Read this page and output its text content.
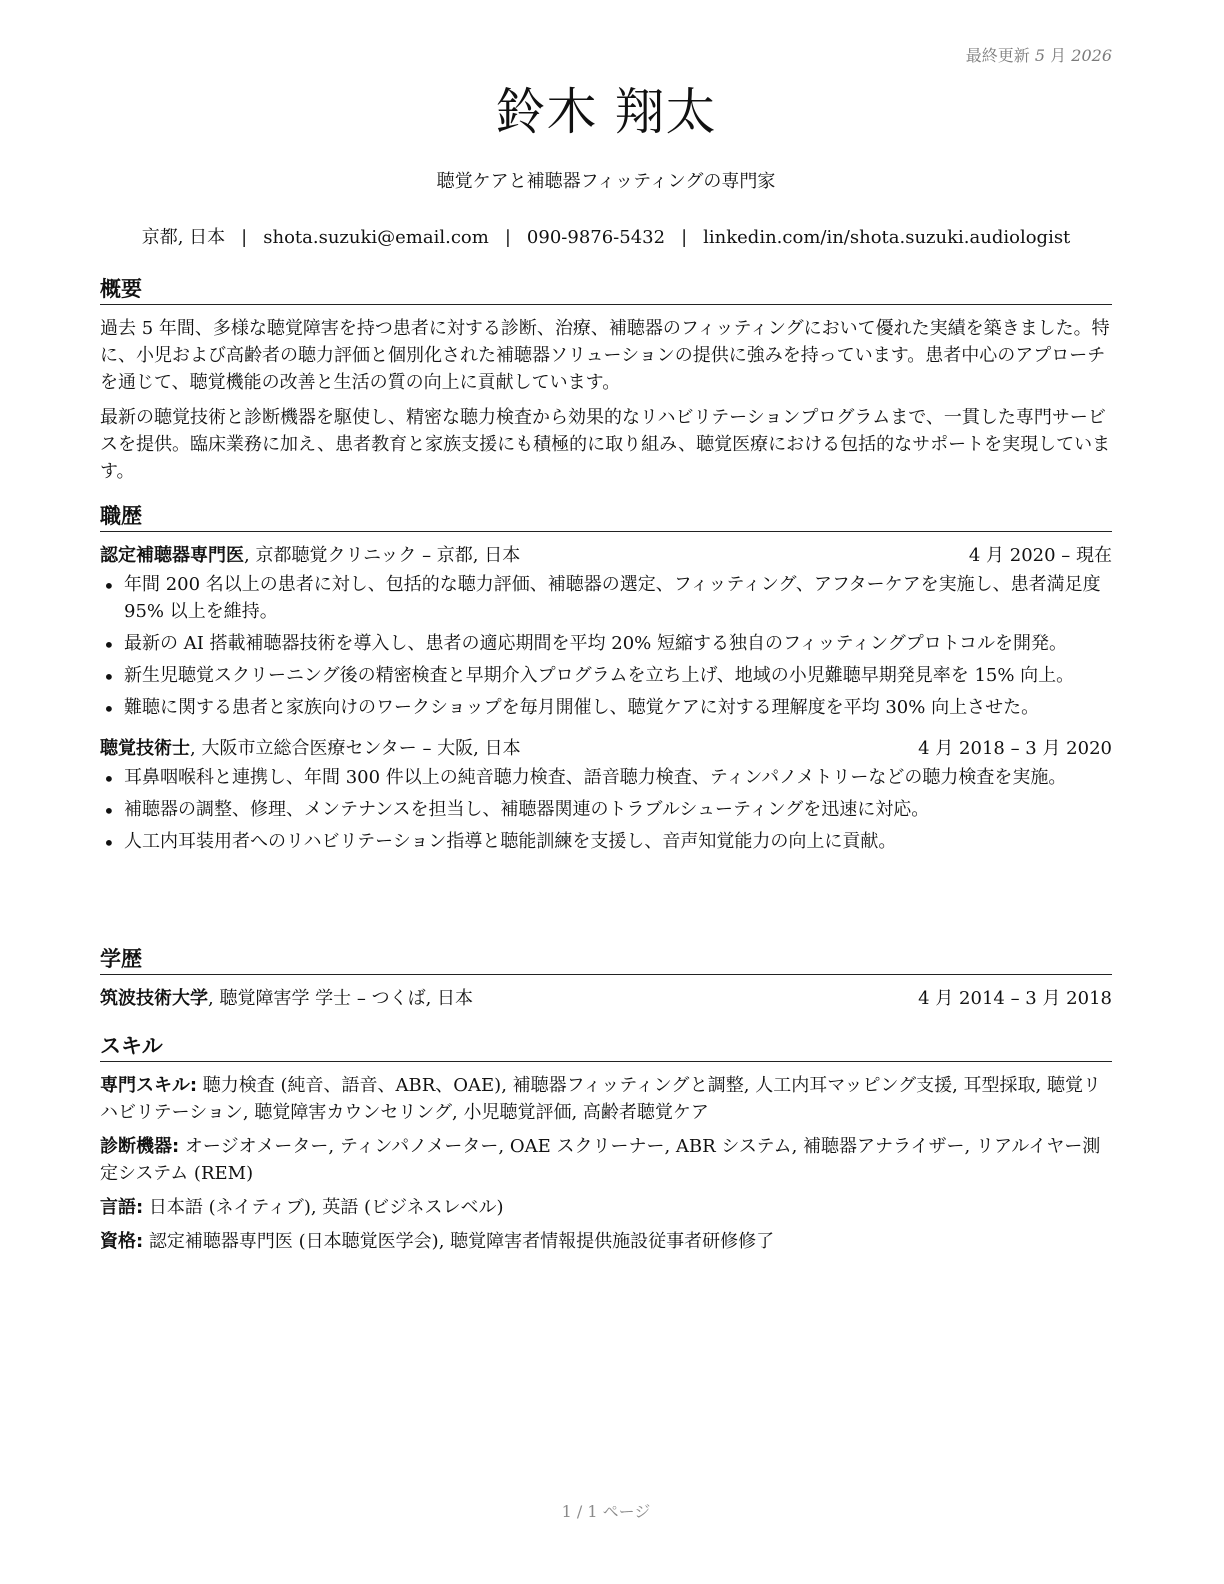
最終更新 5 月 2026
鈴木 翔太
聴覚ケアと補聴器フィッティングの専門家
京都, 日本 | shota.suzuki@email.com | 090-9876-5432 | linkedin.com/in/shota.suzuki.audiologist
概要

過去 5 年間、多様な聴覚障害を持つ患者に対する診断、治療、補聴器のフィッティングにおいて優れた実績を築きました。特に、小児および高齢者の聴力評価と個別化された補聴器ソリューションの提供に強みを持っています。患者中心のアプローチを通じて、聴覚機能の改善と生活の質の向上に貢献しています。

最新の聴覚技術と診断機器を駆使し、精密な聴力検査から効果的なリハビリテーションプログラムまで、一貫した専門サービスを提供。臨床業務に加え、患者教育と家族支援にも積極的に取り組み、聴覚医療における包括的なサポートを実現しています。

職歴
認定補聴器専門医, 京都聴覚クリニック – 京都, 日本	4 月 2020 – 現在
• 年間 200 名以上の患者に対し、包括的な聴力評価、補聴器の選定、フィッティング、アフターケアを実施し、患者満足度 95% 以上を維持。
• 最新の AI 搭載補聴器技術を導入し、患者の適応期間を平均 20% 短縮する独自のフィッティングプロトコルを開発。
• 新生児聴覚スクリーニング後の精密検査と早期介入プログラムを立ち上げ、地域の小児難聴早期発見率を 15% 向上。
• 難聴に関する患者と家族向けのワークショップを毎月開催し、聴覚ケアに対する理解度を平均 30% 向上させた。
聴覚技術士, 大阪市立総合医療センター – 大阪, 日本	4 月 2018 – 3 月 2020
• 耳鼻咽喉科と連携し、年間 300 件以上の純音聴力検査、語音聴力検査、ティンパノメトリーなどの聴力検査を実施。
• 補聴器の調整、修理、メンテナンスを担当し、補聴器関連のトラブルシューティングを迅速に対応。
• 人工内耳装用者へのリハビリテーション指導と聴能訓練を支援し、音声知覚能力の向上に貢献。
学歴
筑波技術大学, 聴覚障害学 学士 – つくば, 日本	4 月 2014 – 3 月 2018
スキル
専門スキル: 聴力検査 (純音、語音、ABR、OAE), 補聴器フィッティングと調整, 人工内耳マッピング支援, 耳型採取, 聴覚リハビリテーション, 聴覚障害カウンセリング, 小児聴覚評価, 高齢者聴覚ケア
診断機器: オージオメーター, ティンパノメーター, OAE スクリーナー, ABR システム, 補聴器アナライザー, リアルイヤー測定システム (REM)
言語: 日本語 (ネイティブ), 英語 (ビジネスレベル)
資格: 認定補聴器専門医 (日本聴覚医学会), 聴覚障害者情報提供施設従事者研修修了
1 / 1 ページ
